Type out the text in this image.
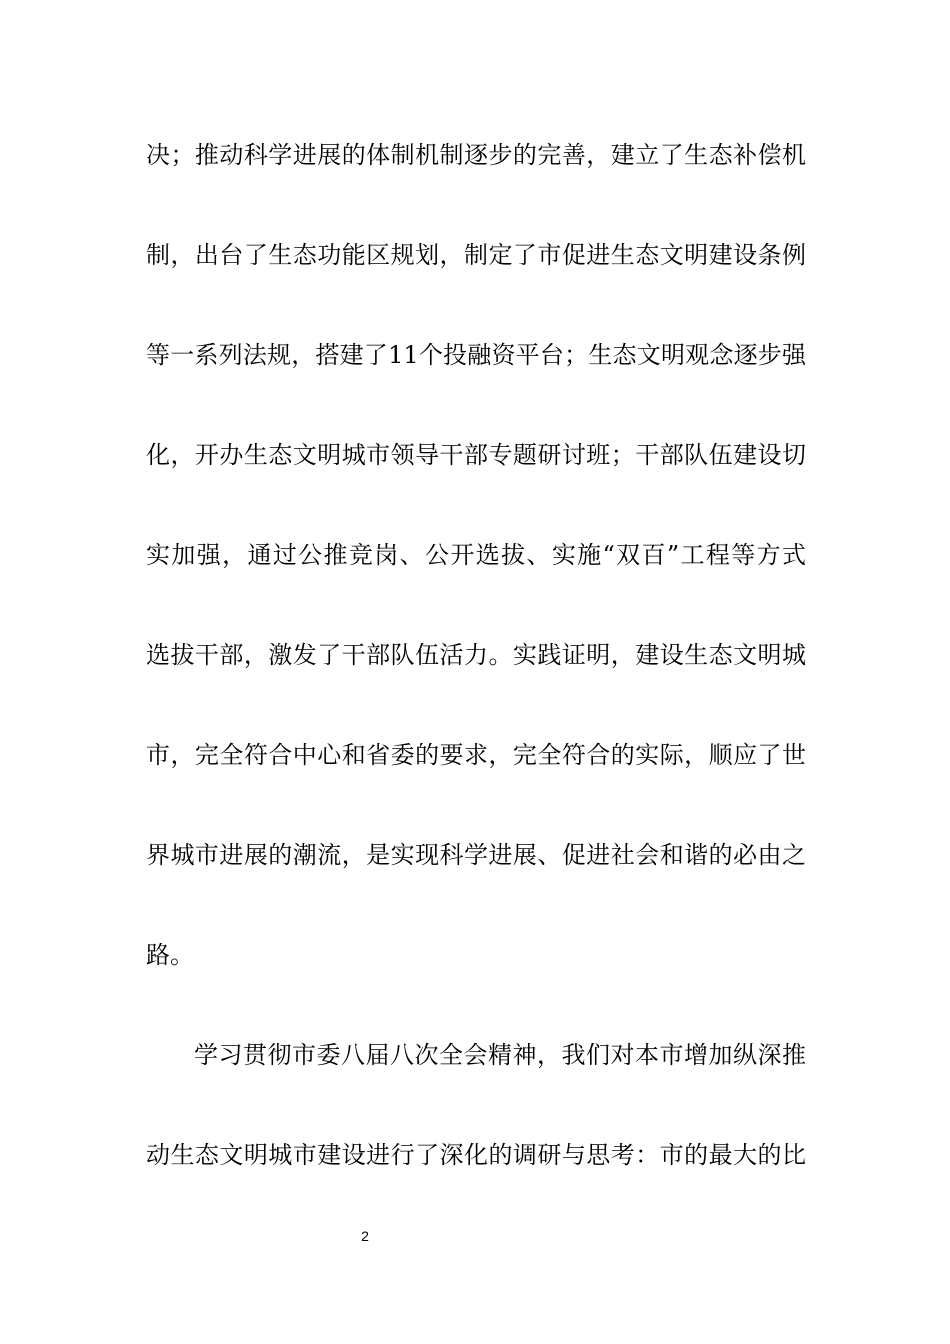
决；推动科学进展的体制机制逐步的完善，建立了生态补偿机
制，出台了生态功能区规划，制定了市促进生态文明建设条例
等一系列法规，搭建了11个投融资平台；生态文明观念逐步强
化，开办生态文明城市领导干部专题研讨班；干部队伍建设切
实加强，通过公推竞岗、公开选拔、实施“双百”工程等方式
选拔干部，激发了干部队伍活力。实践证明，建设生态文明城
市，完全符合中心和省委的要求，完全符合的实际，顺应了世
界城市进展的潮流，是实现科学进展、促进社会和谐的必由之
路。
学习贯彻市委八届八次全会精神，我们对本市增加纵深推
动生态文明城市建设进行了深化的调研与思考：市的最大的比
2
